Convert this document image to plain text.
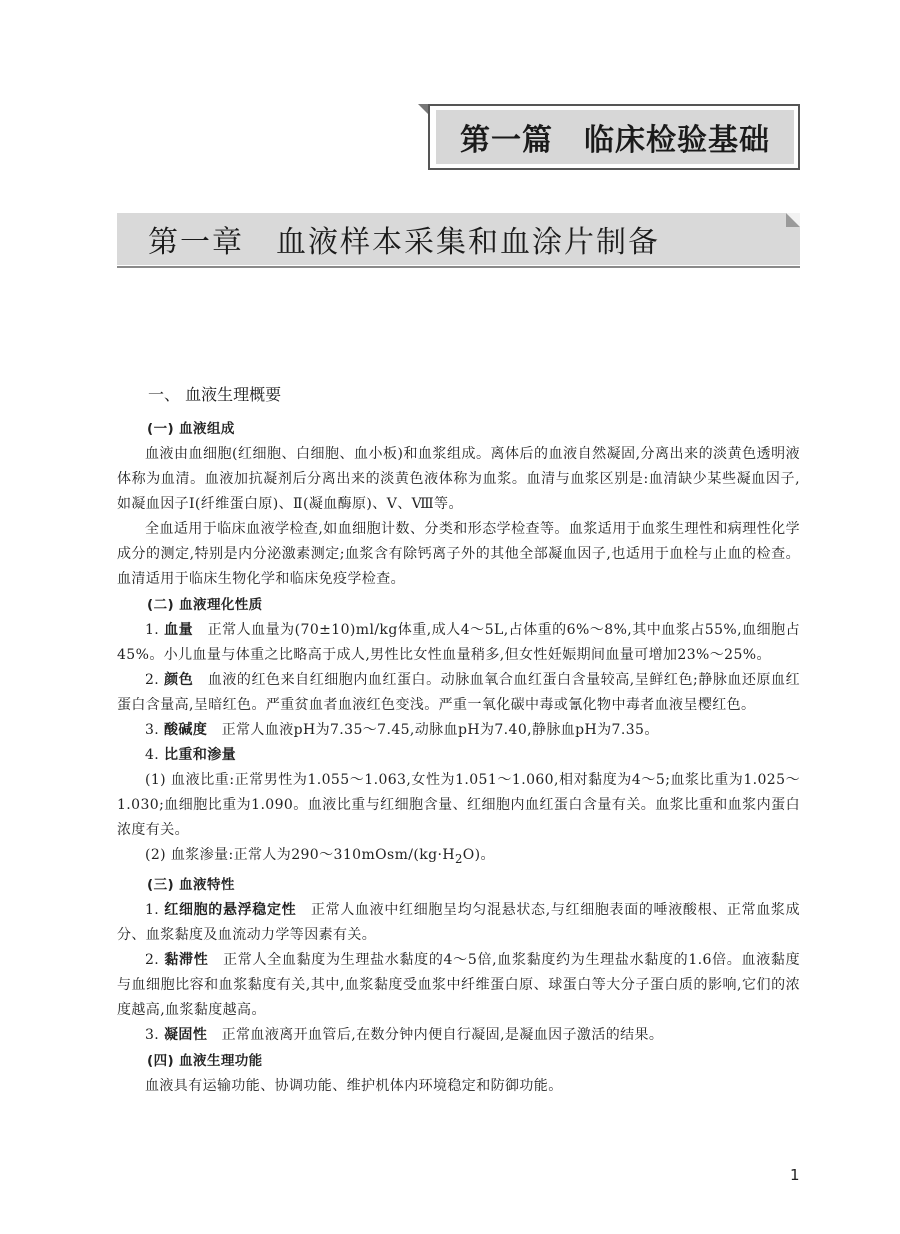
第一篇　临床检验基础
第一章　血液样本采集和血涂片制备
一、 血液生理概要
(一) 血液组成
血液由血细胞(红细胞、白细胞、血小板)和血浆组成。离体后的血液自然凝固,分离出来的淡黄色透明液体称为血清。血液加抗凝剂后分离出来的淡黄色液体称为血浆。血清与血浆区别是:血清缺少某些凝血因子,如凝血因子Ⅰ(纤维蛋白原)、Ⅱ(凝血酶原)、Ⅴ、Ⅷ等。
全血适用于临床血液学检查,如血细胞计数、分类和形态学检查等。血浆适用于血浆生理性和病理性化学成分的测定,特别是内分泌激素测定;血浆含有除钙离子外的其他全部凝血因子,也适用于血栓与止血的检查。血清适用于临床生物化学和临床免疫学检查。
(二) 血液理化性质
1. 血量　正常人血量为(70±10)ml/kg体重,成人4～5L,占体重的6%～8%,其中血浆占55%,血细胞占45%。小儿血量与体重之比略高于成人,男性比女性血量稍多,但女性妊娠期间血量可增加23%～25%。
2. 颜色　血液的红色来自红细胞内血红蛋白。动脉血氧合血红蛋白含量较高,呈鲜红色;静脉血还原血红蛋白含量高,呈暗红色。严重贫血者血液红色变浅。严重一氧化碳中毒或氰化物中毒者血液呈樱红色。
3. 酸碱度　正常人血液pH为7.35～7.45,动脉血pH为7.40,静脉血pH为7.35。
4. 比重和渗量
(1) 血液比重:正常男性为1.055～1.063,女性为1.051～1.060,相对黏度为4～5;血浆比重为1.025～1.030;血细胞比重为1.090。血液比重与红细胞含量、红细胞内血红蛋白含量有关。血浆比重和血浆内蛋白浓度有关。
(2) 血浆渗量:正常人为$290\sim 310mOsm/(kg\cdot H_2O)$。
(三) 血液特性
1. 红细胞的悬浮稳定性　正常人血液中红细胞呈均匀混悬状态,与红细胞表面的唾液酸根、正常血浆成分、血浆黏度及血流动力学等因素有关。
2. 黏滞性　正常人全血黏度为生理盐水黏度的4～5倍,血浆黏度约为生理盐水黏度的1.6倍。血液黏度与血细胞比容和血浆黏度有关,其中,血浆黏度受血浆中纤维蛋白原、球蛋白等大分子蛋白质的影响,它们的浓度越高,血浆黏度越高。
3. 凝固性　正常血液离开血管后,在数分钟内便自行凝固,是凝血因子激活的结果。
(四) 血液生理功能
血液具有运输功能、协调功能、维护机体内环境稳定和防御功能。
1
